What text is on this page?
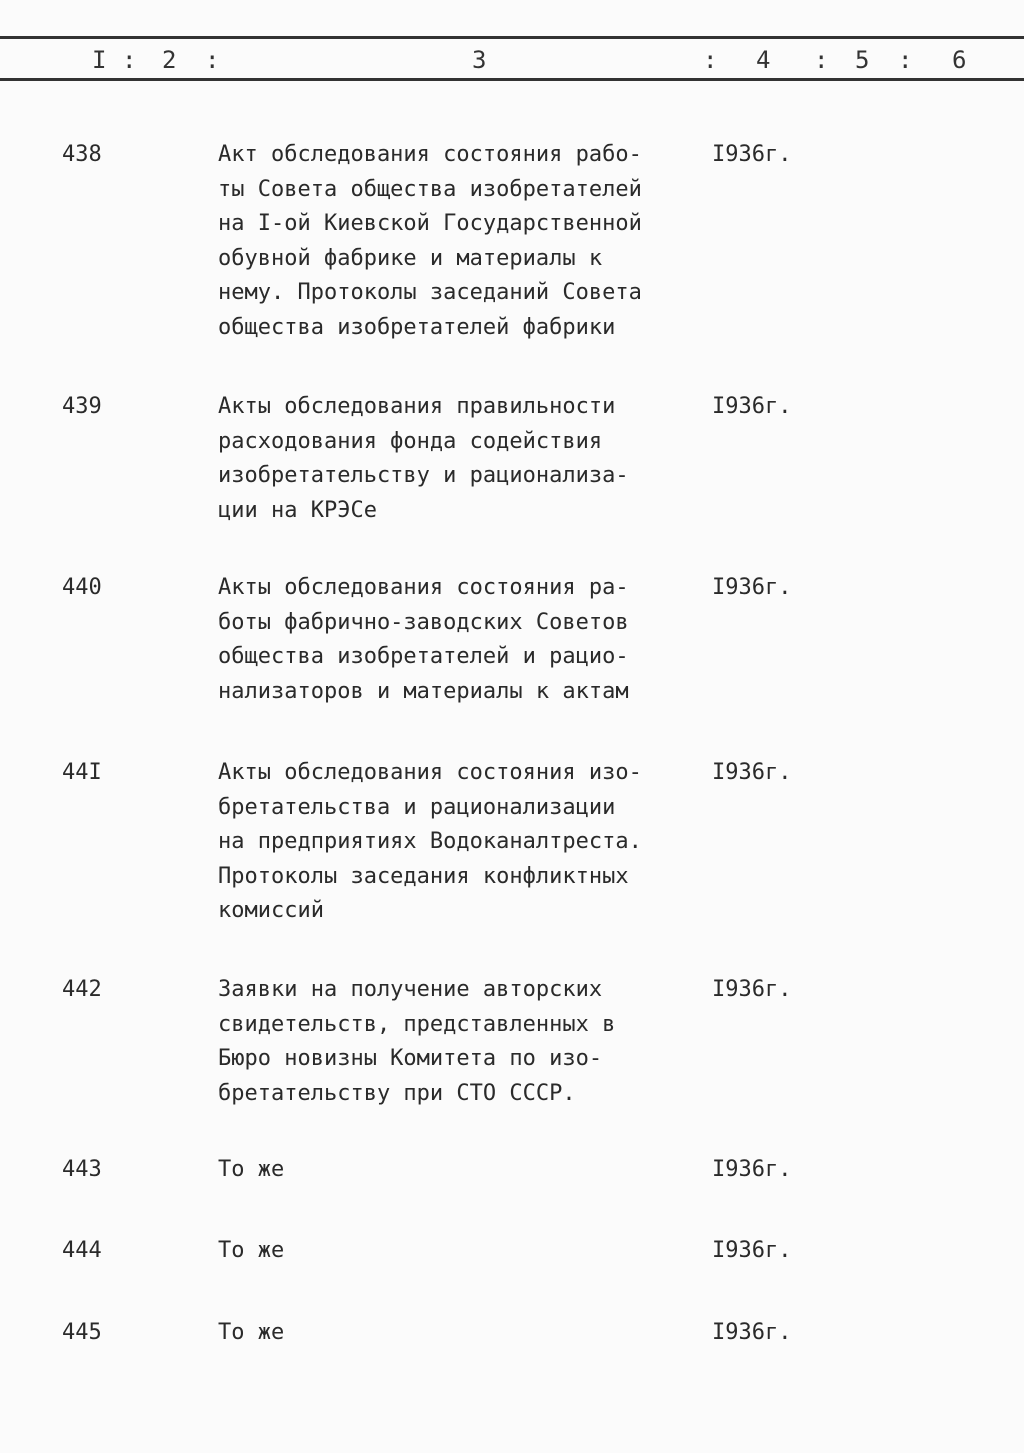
I : 2 :	3	: 4 : 5 : 6
438	Акт обследования состояния рабо-
ты Совета общества изобретателей
на I-ой Киевской Государственной
обувной фабрике и материалы к
нему. Протоколы заседаний Совета
общества изобретателей фабрики
I936г.
439	Акты обследования правильности
расходования фонда содействия
изобретательству и рационализа-
ции на КРЭСе
I936г.
440	Акты обследования состояния ра-
боты фабрично-заводских Советов
общества изобретателей и рацио-
нализаторов и материалы к актам
I936г.
44I	Акты обследования состояния изо-
бретательства и рационализации
на предприятиях Водоканалтреста.
Протоколы заседания конфликтных
комиссий
I936г.
442	Заявки на получение авторских
свидетельств, представленных в
Бюро новизны Комитета по изо-
бретательству при СТО СССР.
I936г.
443	То же	I936г.
444	То же	I936г.
445	То же	I936г.
